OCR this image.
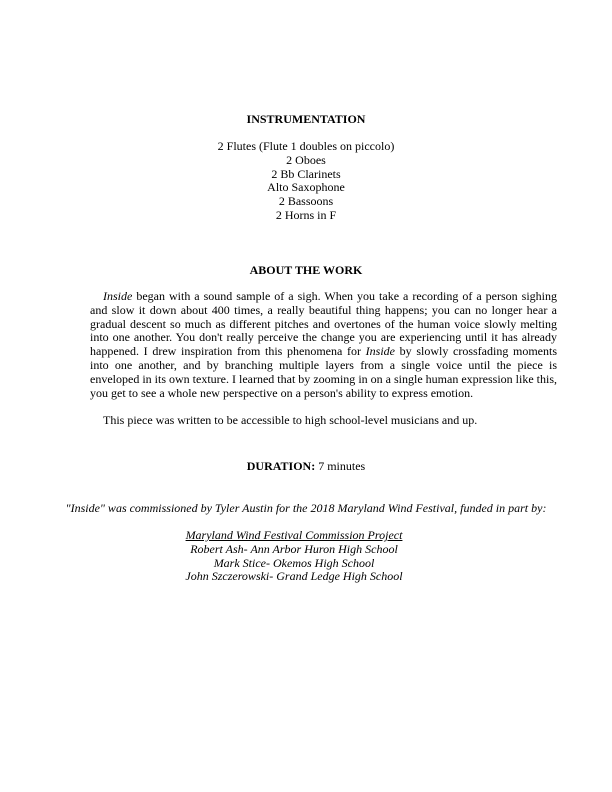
INSTRUMENTATION

2 Flutes (Flute 1 doubles on piccolo)

2 Oboes

2 Bb Clarinets

Alto Saxophone

2 Bassoons

2 Horns in F

ABOUT THE WORK

Inside began with a sound sample of a sigh. When you take a recording of a person sighing and slow it down about 400 times, a really beautiful thing happens; you can no longer hear a gradual descent so much as different pitches and overtones of the human voice slowly melting into one another. You don't really perceive the change you are experiencing until it has already happened. I drew inspiration from this phenomena for Inside by slowly crossfading moments into one another, and by branching multiple layers from a single voice until the piece is enveloped in its own texture. I learned that by zooming in on a single human expression like this, you get to see a whole new perspective on a person's ability to express emotion.

This piece was written to be accessible to high school-level musicians and up.

DURATION: 7 minutes
"Inside" was commissioned by Tyler Austin for the 2018 Maryland Wind Festival, funded in part by:

Maryland Wind Festival Commission Project

Robert Ash- Ann Arbor Huron High School

Mark Stice- Okemos High School

John Szczerowski- Grand Ledge High School
